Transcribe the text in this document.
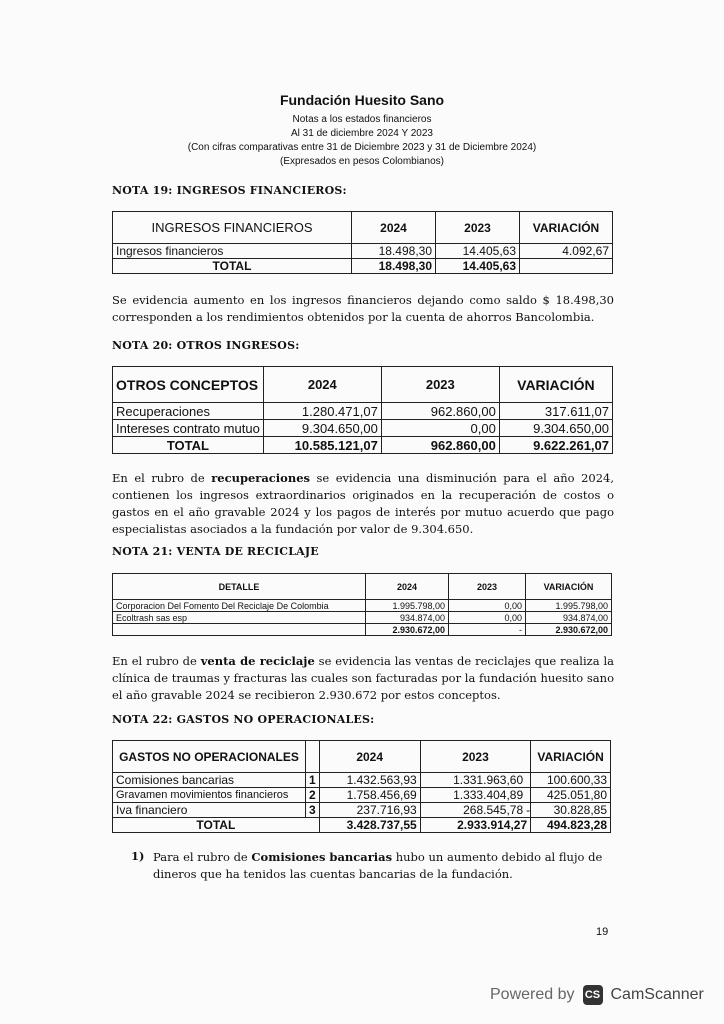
Fundación Huesito Sano
Notas a los estados financieros
Al 31 de diciembre 2024 Y 2023
(Con cifras comparativas entre 31 de Diciembre 2023 y 31 de Diciembre 2024)
(Expresados en pesos Colombianos)
NOTA 19: INGRESOS FINANCIEROS:
INGRESOS FINANCIEROS	2024	2023	VARIACIÓN
Ingresos financieros	18.498,30	14.405,63	4.092,67
TOTAL	18.498,30	14.405,63	
Se evidencia aumento en los ingresos financieros dejando como saldo $ 18.498,30 corresponden a los rendimientos obtenidos por la cuenta de ahorros Bancolombia.
NOTA 20: OTROS INGRESOS:
OTROS CONCEPTOS	2024	2023	VARIACIÓN
Recuperaciones	1.280.471,07	962.860,00	317.611,07
Intereses contrato mutuo	9.304.650,00	0,00	9.304.650,00
TOTAL	10.585.121,07	962.860,00	9.622.261,07
En el rubro de recuperaciones se evidencia una disminución para el año 2024, contienen los ingresos extraordinarios originados en la recuperación de costos o gastos en el año gravable 2024 y los pagos de interés por mutuo acuerdo que pago especialistas asociados a la fundación por valor de 9.304.650.
NOTA 21: VENTA DE RECICLAJE
DETALLE	2024	2023	VARIACIÓN
Corporacion Del Fomento Del Reciclaje De Colombia	1.995.798,00	0,00	1.995.798,00
Ecoltrash sas esp	934.874,00	0,00	934.874,00
	2.930.672,00	-	2.930.672,00
En el rubro de venta de reciclaje se evidencia las ventas de reciclajes que realiza la clínica de traumas y fracturas las cuales son facturadas por la fundación huesito sano el año gravable 2024 se recibieron 2.930.672 por estos conceptos.
NOTA 22: GASTOS NO OPERACIONALES:
GASTOS NO OPERACIONALES		2024	2023		VARIACIÓN
Comisiones bancarias	1	1.432.563,93	1.331.963,60		100.600,33
Gravamen movimientos financieros	2	1.758.456,69	1.333.404,89		425.051,80
Iva financiero	3	237.716,93	268.545,78	-	30.828,85
TOTAL		3.428.737,55	2.933.914,27		494.823,28
1) Para el rubro de Comisiones bancarias hubo un aumento debido al flujo de dineros que ha tenidos las cuentas bancarias de la fundación.
19
Powered by CS CamScanner
